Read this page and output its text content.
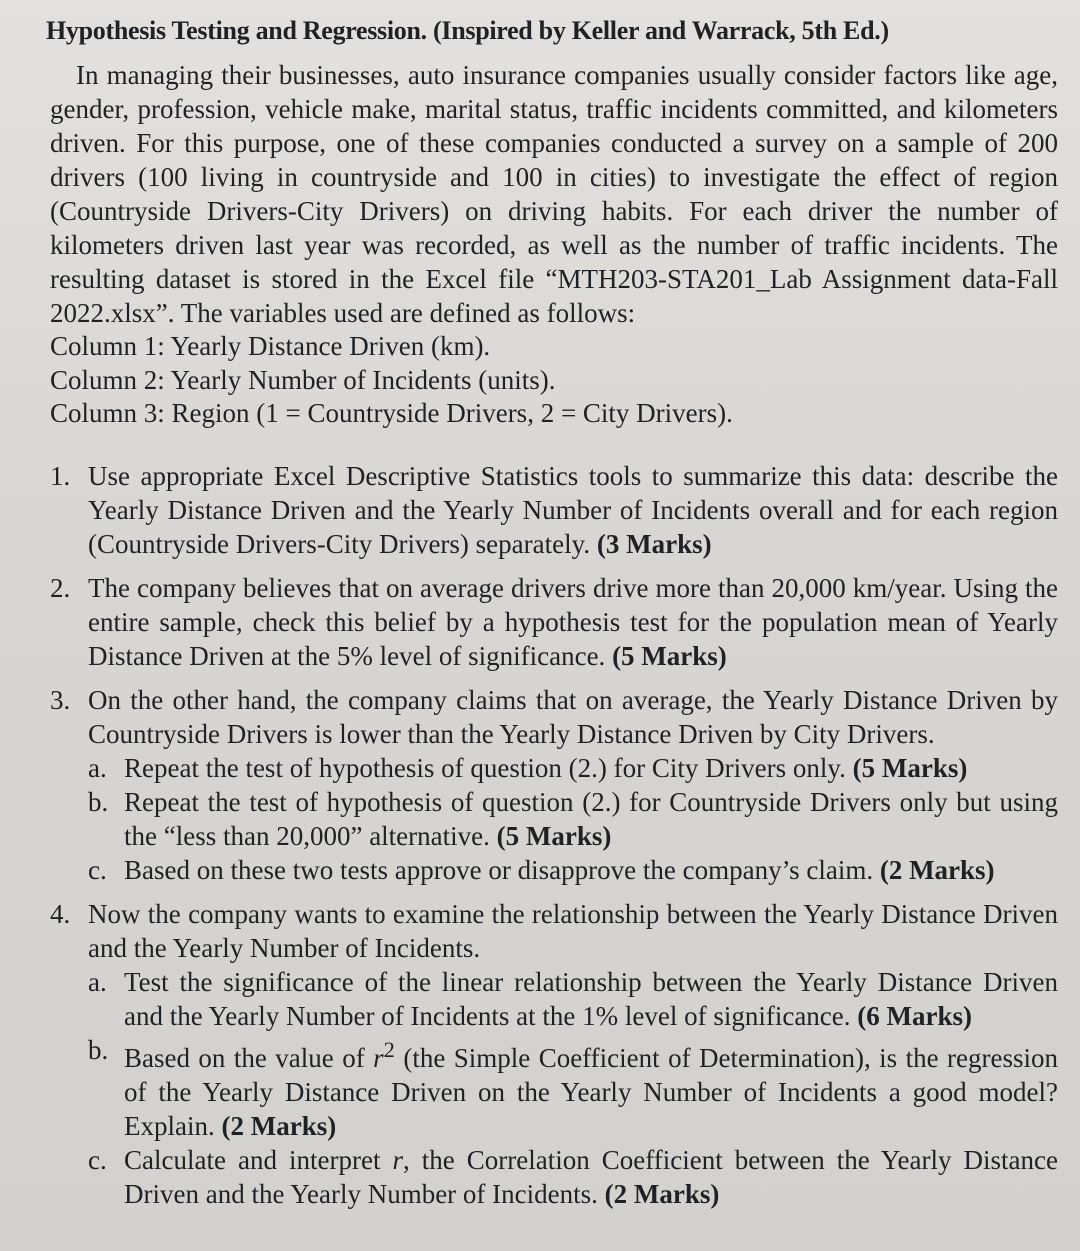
Hypothesis Testing and Regression. (Inspired by Keller and Warrack, 5th Ed.)

In managing their businesses, auto insurance companies usually consider factors like age, gender, profession, vehicle make, marital status, traffic incidents committed, and kilometers driven. For this purpose, one of these companies conducted a survey on a sample of 200 drivers (100 living in countryside and 100 in cities) to investigate the effect of region (Countryside Drivers-City Drivers) on driving habits. For each driver the number of kilometers driven last year was recorded, as well as the number of traffic incidents. The resulting dataset is stored in the Excel file “MTH203-STA201_Lab Assignment data-Fall 2022.xlsx”. The variables used are defined as follows:

Column 1: Yearly Distance Driven (km).
Column 2: Yearly Number of Incidents (units).
Column 3: Region (1 = Countryside Drivers, 2 = City Drivers).
1. Use appropriate Excel Descriptive Statistics tools to summarize this data: describe the Yearly Distance Driven and the Yearly Number of Incidents overall and for each region (Countryside Drivers-City Drivers) separately. (3 Marks)
2. The company believes that on average drivers drive more than 20,000 km/year. Using the entire sample, check this belief by a hypothesis test for the population mean of Yearly Distance Driven at the 5% level of significance. (5 Marks)
3. On the other hand, the company claims that on average, the Yearly Distance Driven by Countryside Drivers is lower than the Yearly Distance Driven by City Drivers.
a. Repeat the test of hypothesis of question (2.) for City Drivers only. (5 Marks)
b. Repeat the test of hypothesis of question (2.) for Countryside Drivers only but using the “less than 20,000” alternative. (5 Marks)
c. Based on these two tests approve or disapprove the company’s claim. (2 Marks)
4. Now the company wants to examine the relationship between the Yearly Distance Driven and the Yearly Number of Incidents.
a. Test the significance of the linear relationship between the Yearly Distance Driven and the Yearly Number of Incidents at the 1% level of significance. (6 Marks)
b. Based on the value of $r^2$ (the Simple Coefficient of Determination), is the regression of the Yearly Distance Driven on the Yearly Number of Incidents a good model? Explain. (2 Marks)
c. Calculate and interpret r, the Correlation Coefficient between the Yearly Distance Driven and the Yearly Number of Incidents. (2 Marks)
